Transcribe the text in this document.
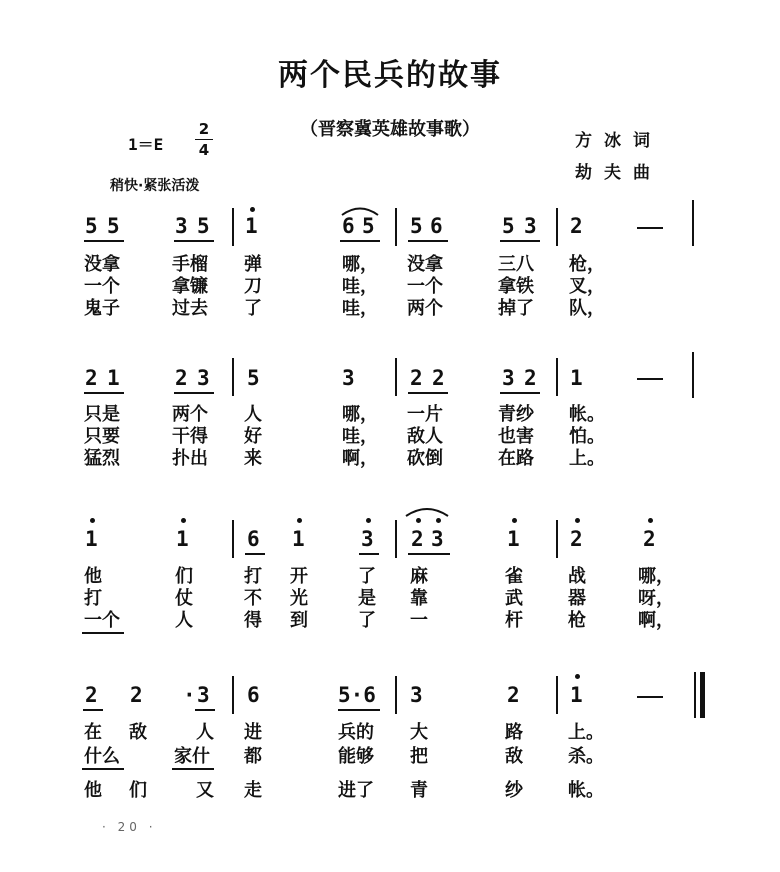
两个民兵的故事
（晋察冀英雄故事歌）
方冰词
劫夫曲
1＝E
2
4
稍快·紧张活泼
5 5	3 5 1	6 5 5 6	5 3 2
没拿	手榴 弹	哪， 没拿	三八 枪，
一个	拿镰 刀	哇， 一个	拿铁 叉，
鬼子	过去 了	哇， 两个	掉了 队，
2 1	2 3 5	3	2 2	3 2 1
只是	两个 人	哪， 一片	青纱 帐。
只要	干得 好	哇， 敌人	也害 怕。
猛烈	扑出 来	啊， 砍倒	在路 上。
1	1	6 1	3 2 3	1 2	2
他	们	打 开	了 麻	雀	战	哪，
打	仗	不 光	是 靠	武	器	呀，
一个	人	得 到	了 一	杆	枪	啊，
2 2 · 3 6	5·6 3	2 1
在 敌	人 进	兵的 大	路	上。
什么	家什 都	能够 把	敌	杀。
他 们	又 走	进了 青	纱	帐。
· 20 ·
